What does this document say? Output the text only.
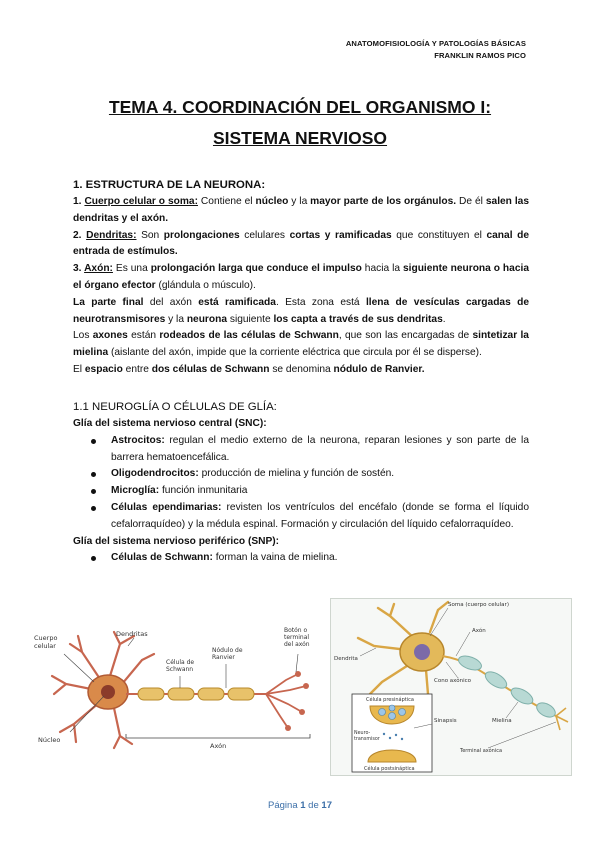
ANATOMOFISIOLOGÍA Y PATOLOGÍAS BÁSICAS
FRANKLIN RAMOS PICO
TEMA 4. COORDINACIÓN DEL ORGANISMO I:
SISTEMA NERVIOSO
1. ESTRUCTURA DE LA NEURONA:

1. Cuerpo celular o soma: Contiene el núcleo y la mayor parte de los orgánulos. De él salen las dendritas y el axón.

2. Dendritas: Son prolongaciones celulares cortas y ramificadas que constituyen el canal de entrada de estímulos.

3. Axón: Es una prolongación larga que conduce el impulso hacia la siguiente neurona o hacia el órgano efector (glándula o músculo).

La parte final del axón está ramificada. Esta zona está llena de vesículas cargadas de neurotransmisores y la neurona siguiente los capta a través de sus dendritas.

Los axones están rodeados de las células de Schwann, que son las encargadas de sintetizar la mielina (aislante del axón, impide que la corriente eléctrica que circula por él se disperse).

El espacio entre dos células de Schwann se denomina nódulo de Ranvier.

1.1 NEUROGLÍA O CÉLULAS DE GLÍA:
Glía del sistema nervioso central (SNC):
Astrocitos: regulan el medio externo de la neurona, reparan lesiones y son parte de la barrera hematoencefálica.
Oligodendrocitos: producción de mielina y función de sostén.
Microglía: función inmunitaria
Células ependimarias: revisten los ventrículos del encéfalo (donde se forma el líquido cefalorraquídeo) y la médula espinal. Formación y circulación del líquido cefalorraquídeo.
Glía del sistema nervioso periférico (SNP):
Células de Schwann: forman la vaina de mielina.
Cuerpo celular
Dendritas	Botón o terminal del axón
Célula de Schwann
Nódulo de Ranvier
Núcleo
Axón
Soma (cuerpo celular)
Axón
Dendrita
Cono axónico
Mielina
Célula presináptica
Sinapsis
Neuro-transmisor
Célula postsináptica
Terminal axónica
Página 1 de 17
